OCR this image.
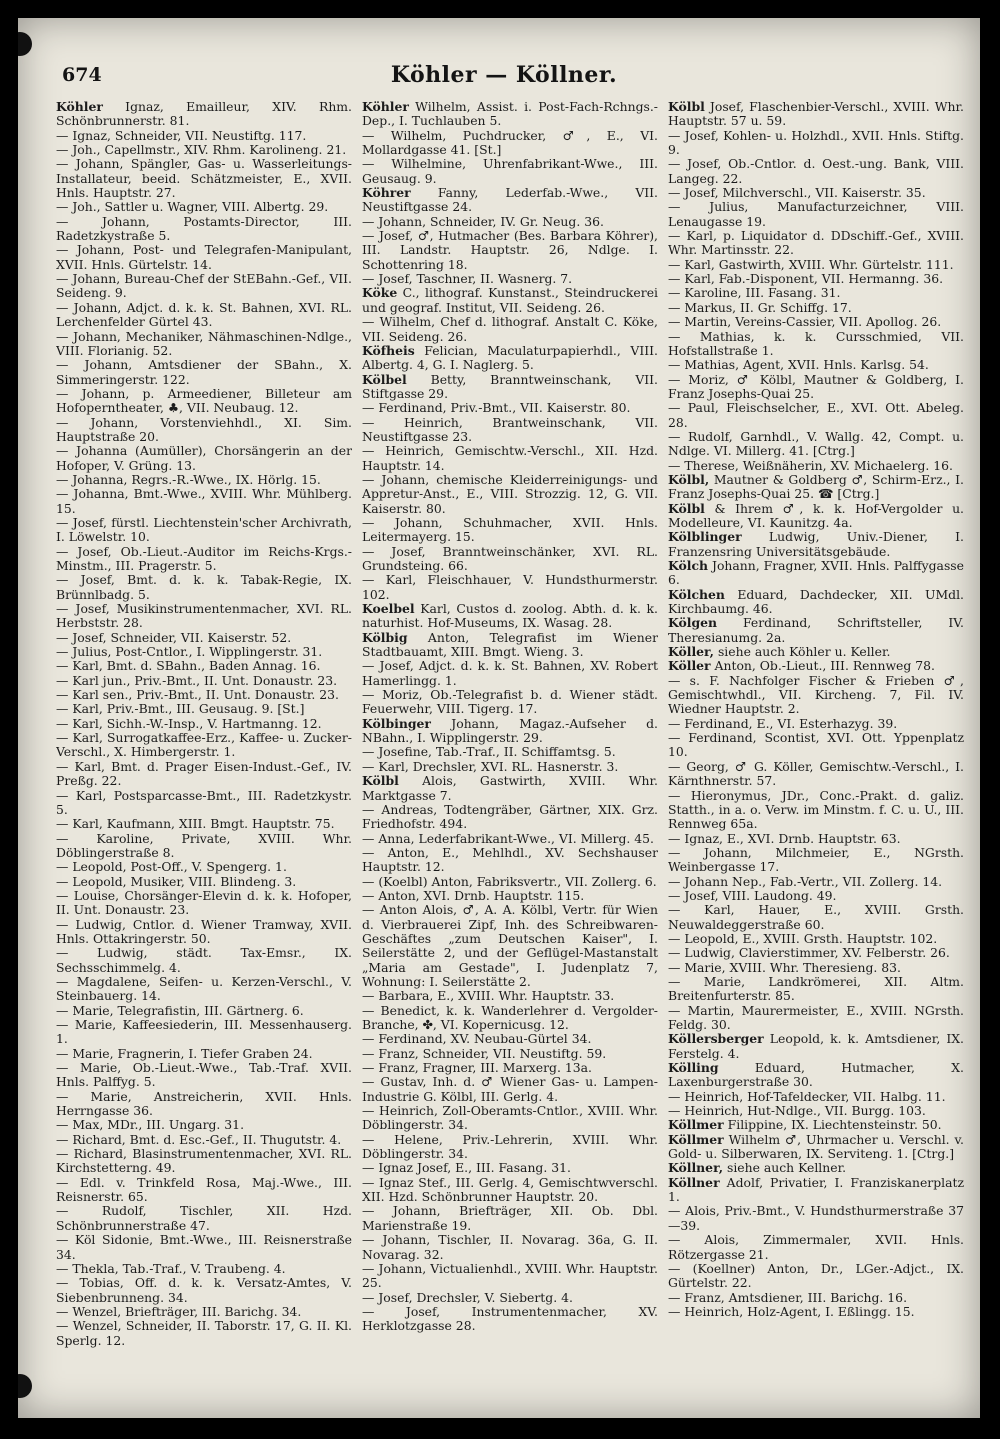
674	Köhler — Köllner.
Köhler Ignaz, Emailleur, XIV. Rhm. Schönbrunnerstr. 81.
— Ignaz, Schneider, VII. Neustiftg. 117.
— Joh., Capellmstr., XIV. Rhm. Karolineng. 21.
— Johann, Spängler, Gas- u. Wasserleitungs-Installateur, beeid. Schätzmeister, E., XVII. Hnls. Hauptstr. 27.
— Joh., Sattler u. Wagner, VIII. Albertg. 29.
— Johann, Postamts-Director, III. Radetzkystraße 5.
— Johann, Post- und Telegrafen-Manipulant, XVII. Hnls. Gürtelstr. 14.
— Johann, Bureau-Chef der StEBahn.-Gef., VII. Seideng. 9.
— Johann, Adjct. d. k. k. St. Bahnen, XVI. RL. Lerchenfelder Gürtel 43.
— Johann, Mechaniker, Nähmaschinen-Ndlge., VIII. Florianig. 52.
— Johann, Amtsdiener der SBahn., X. Simmeringerstr. 122.
— Johann, p. Armeediener, Billeteur am Hofoperntheater, ♣, VII. Neubaug. 12.
— Johann, Vorstenviehhdl., XI. Sim. Hauptstraße 20.
— Johanna (Aumüller), Chorsängerin an der Hofoper, V. Grüng. 13.
— Johanna, Regrs.-R.-Wwe., IX. Hörlg. 15.
— Johanna, Bmt.-Wwe., XVIII. Whr. Mühlberg. 15.
— Josef, fürstl. Liechtenstein'scher Archivrath, I. Löwelstr. 10.
— Josef, Ob.-Lieut.-Auditor im Reichs-Krgs.-Minstm., III. Pragerstr. 5.
— Josef, Bmt. d. k. k. Tabak-Regie, IX. Brünnlbadg. 5.
— Josef, Musikinstrumentenmacher, XVI. RL. Herbststr. 28.
— Josef, Schneider, VII. Kaiserstr. 52.
— Julius, Post-Cntlor., I. Wipplingerstr. 31.
— Karl, Bmt. d. SBahn., Baden Annag. 16.
— Karl jun., Priv.-Bmt., II. Unt. Donaustr. 23.
— Karl sen., Priv.-Bmt., II. Unt. Donaustr. 23.
— Karl, Priv.-Bmt., III. Geusaug. 9. [St.]
— Karl, Sichh.-W.-Insp., V. Hartmanng. 12.
— Karl, Surrogatkaffee-Erz., Kaffee- u. Zucker-Verschl., X. Himbergerstr. 1.
— Karl, Bmt. d. Prager Eisen-Indust.-Gef., IV. Preßg. 22.
— Karl, Postsparcasse-Bmt., III. Radetzkystr. 5.
— Karl, Kaufmann, XIII. Bmgt. Hauptstr. 75.
— Karoline, Private, XVIII. Whr. Döblingerstraße 8.
— Leopold, Post-Off., V. Spengerg. 1.
— Leopold, Musiker, VIII. Blindeng. 3.
— Louise, Chorsänger-Elevin d. k. k. Hofoper, II. Unt. Donaustr. 23.
— Ludwig, Cntlor. d. Wiener Tramway, XVII. Hnls. Ottakringerstr. 50.
— Ludwig, städt. Tax-Emsr., IX. Sechsschimmelg. 4.
— Magdalene, Seifen- u. Kerzen-Verschl., V. Steinbauerg. 14.
— Marie, Telegrafistin, III. Gärtnerg. 6.
— Marie, Kaffeesiederin, III. Messenhauserg. 1.
— Marie, Fragnerin, I. Tiefer Graben 24.
— Marie, Ob.-Lieut.-Wwe., Tab.-Traf. XVII. Hnls. Palffyg. 5.
— Marie, Anstreicherin, XVII. Hnls. Herrngasse 36.
— Max, MDr., III. Ungarg. 31.
— Richard, Bmt. d. Esc.-Gef., II. Thugutstr. 4.
— Richard, Blasinstrumentenmacher, XVI. RL. Kirchstetterng. 49.
— Edl. v. Trinkfeld Rosa, Maj.-Wwe., III. Reisnerstr. 65.
— Rudolf, Tischler, XII. Hzd. Schönbrunnerstraße 47.
— Köl Sidonie, Bmt.-Wwe., III. Reisnerstraße 34.
— Thekla, Tab.-Traf., V. Traubeng. 4.
— Tobias, Off. d. k. k. Versatz-Amtes, V. Siebenbrunneng. 34.
— Wenzel, Briefträger, III. Barichg. 34.
— Wenzel, Schneider, II. Taborstr. 17, G. II. Kl. Sperlg. 12.
Köhler Wilhelm, Assist. i. Post-Fach-Rchngs.-Dep., I. Tuchlauben 5.
— Wilhelm, Puchdrucker, ♂, E., VI. Mollardgasse 41. [St.]
— Wilhelmine, Uhrenfabrikant-Wwe., III. Geusaug. 9.
Köhrer Fanny, Lederfab.-Wwe., VII. Neustiftgasse 24.
— Johann, Schneider, IV. Gr. Neug. 36.
— Josef, ♂, Hutmacher (Bes. Barbara Köhrer), III. Landstr. Hauptstr. 26, Ndlge. I. Schottenring 18.
— Josef, Taschner, II. Wasnerg. 7.
Köke C., lithograf. Kunstanst., Steindruckerei und geograf. Institut, VII. Seideng. 26.
— Wilhelm, Chef d. lithograf. Anstalt C. Köke, VII. Seideng. 26.
Köfheis Felician, Maculaturpapierhdl., VIII. Albertg. 4, G. I. Naglerg. 5.
Kölbel Betty, Branntweinschank, VII. Stiftgasse 29.
— Ferdinand, Priv.-Bmt., VII. Kaiserstr. 80.
— Heinrich, Brantweinschank, VII. Neustiftgasse 23.
— Heinrich, Gemischtw.-Verschl., XII. Hzd. Hauptstr. 14.
— Johann, chemische Kleiderreinigungs- und Appretur-Anst., E., VIII. Strozzig. 12, G. VII. Kaiserstr. 80.
— Johann, Schuhmacher, XVII. Hnls. Leitermayerg. 15.
— Josef, Branntweinschänker, XVI. RL. Grundsteing. 66.
— Karl, Fleischhauer, V. Hundsthurmerstr. 102.
Koelbel Karl, Custos d. zoolog. Abth. d. k. k. naturhist. Hof-Museums, IX. Wasag. 28.
Kölbig Anton, Telegrafist im Wiener Stadtbauamt, XIII. Bmgt. Wieng. 3.
— Josef, Adjct. d. k. k. St. Bahnen, XV. Robert Hamerlingg. 1.
— Moriz, Ob.-Telegrafist b. d. Wiener städt. Feuerwehr, VIII. Tigerg. 17.
Kölbinger Johann, Magaz.-Aufseher d. NBahn., I. Wipplingerstr. 29.
— Josefine, Tab.-Traf., II. Schiffamtsg. 5.
— Karl, Drechsler, XVI. RL. Hasnerstr. 3.
Kölbl Alois, Gastwirth, XVIII. Whr. Marktgasse 7.
— Andreas, Todtengräber, Gärtner, XIX. Grz. Friedhofstr. 494.
— Anna, Lederfabrikant-Wwe., VI. Millerg. 45.
— Anton, E., Mehlhdl., XV. Sechshauser Hauptstr. 12.
— (Koelbl) Anton, Fabriksvertr., VII. Zollerg. 6.
— Anton, XVI. Drnb. Hauptstr. 115.
— Anton Alois, ♂, A. A. Kölbl, Vertr. für Wien d. Vierbrauerei Zipf, Inh. des Schreibwaren-Geschäftes „zum Deutschen Kaiser", I. Seilerstätte 2, und der Geflügel-Mastanstalt „Maria am Gestade", I. Judenplatz 7, Wohnung: I. Seilerstätte 2.
— Barbara, E., XVIII. Whr. Hauptstr. 33.
— Benedict, k. k. Wanderlehrer d. Vergolder-Branche, ✤, VI. Kopernicusg. 12.
— Ferdinand, XV. Neubau-Gürtel 34.
— Franz, Schneider, VII. Neustiftg. 59.
— Franz, Fragner, III. Marxerg. 13a.
— Gustav, Inh. d. ♂ Wiener Gas- u. Lampen-Industrie G. Kölbl, III. Gerlg. 4.
— Heinrich, Zoll-Oberamts-Cntlor., XVIII. Whr. Döblingerstr. 34.
— Helene, Priv.-Lehrerin, XVIII. Whr. Döblingerstr. 34.
— Ignaz Josef, E., III. Fasang. 31.
— Ignaz Stef., III. Gerlg. 4, Gemischtwverschl. XII. Hzd. Schönbrunner Hauptstr. 20.
— Johann, Briefträger, XII. Ob. Dbl. Marienstraße 19.
— Johann, Tischler, II. Novarag. 36a, G. II. Novarag. 32.
— Johann, Victualienhdl., XVIII. Whr. Hauptstr. 25.
— Josef, Drechsler, V. Siebertg. 4.
— Josef, Instrumentenmacher, XV. Herklotzgasse 28.
Kölbl Josef, Flaschenbier-Verschl., XVIII. Whr. Hauptstr. 57 u. 59.
— Josef, Kohlen- u. Holzhdl., XVII. Hnls. Stiftg. 9.
— Josef, Ob.-Cntlor. d. Oest.-ung. Bank, VIII. Langeg. 22.
— Josef, Milchverschl., VII. Kaiserstr. 35.
— Julius, Manufacturzeichner, VIII. Lenaugasse 19.
— Karl, p. Liquidator d. DDschiff.-Gef., XVIII. Whr. Martinsstr. 22.
— Karl, Gastwirth, XVIII. Whr. Gürtelstr. 111.
— Karl, Fab.-Disponent, VII. Hermanng. 36.
— Karoline, III. Fasang. 31.
— Markus, II. Gr. Schiffg. 17.
— Martin, Vereins-Cassier, VII. Apollog. 26.
— Mathias, k. k. Cursschmied, VII. Hofstallstraße 1.
— Mathias, Agent, XVII. Hnls. Karlsg. 54.
— Moriz, ♂ Kölbl, Mautner & Goldberg, I. Franz Josephs-Quai 25.
— Paul, Fleischselcher, E., XVI. Ott. Abeleg. 28.
— Rudolf, Garnhdl., V. Wallg. 42, Compt. u. Ndlge. VI. Millerg. 41. [Ctrg.]
— Therese, Weißnäherin, XV. Michaelerg. 16.
Kölbl, Mautner & Goldberg ♂, Schirm-Erz., I. Franz Josephs-Quai 25. ☎ [Ctrg.]
Kölbl & Ihrem ♂, k. k. Hof-Vergolder u. Modelleure, VI. Kaunitzg. 4a.
Kölblinger Ludwig, Univ.-Diener, I. Franzensring Universitätsgebäude.
Kölch Johann, Fragner, XVII. Hnls. Palffygasse 6.
Kölchen Eduard, Dachdecker, XII. UMdl. Kirchbaumg. 46.
Kölgen Ferdinand, Schriftsteller, IV. Theresianumg. 2a.
Köller, siehe auch Köhler u. Keller.
Köller Anton, Ob.-Lieut., III. Rennweg 78.
— s. F. Nachfolger Fischer & Frieben ♂, Gemischtwhdl., VII. Kircheng. 7, Fil. IV. Wiedner Hauptstr. 2.
— Ferdinand, E., VI. Esterhazyg. 39.
— Ferdinand, Scontist, XVI. Ott. Yppenplatz 10.
— Georg, ♂ G. Köller, Gemischtw.-Verschl., I. Kärnthnerstr. 57.
— Hieronymus, JDr., Conc.-Prakt. d. galiz. Statth., in a. o. Verw. im Minstm. f. C. u. U., III. Rennweg 65a.
— Ignaz, E., XVI. Drnb. Hauptstr. 63.
— Johann, Milchmeier, E., NGrsth. Weinbergasse 17.
— Johann Nep., Fab.-Vertr., VII. Zollerg. 14.
— Josef, VIII. Laudong. 49.
— Karl, Hauer, E., XVIII. Grsth. Neuwaldeggerstraße 60.
— Leopold, E., XVIII. Grsth. Hauptstr. 102.
— Ludwig, Clavierstimmer, XV. Felberstr. 26.
— Marie, XVIII. Whr. Theresieng. 83.
— Marie, Landkrömerei, XII. Altm. Breitenfurterstr. 85.
— Martin, Maurermeister, E., XVIII. NGrsth. Feldg. 30.
Köllersberger Leopold, k. k. Amtsdiener, IX. Ferstelg. 4.
Kölling Eduard, Hutmacher, X. Laxenburgerstraße 30.
— Heinrich, Hof-Tafeldecker, VII. Halbg. 11.
— Heinrich, Hut-Ndlge., VII. Burgg. 103.
Köllmer Filippine, IX. Liechtensteinstr. 50.
Köllmer Wilhelm ♂, Uhrmacher u. Verschl. v. Gold- u. Silberwaren, IX. Serviteng. 1. [Ctrg.]
Köllner, siehe auch Kellner.
Köllner Adolf, Privatier, I. Franziskanerplatz 1.
— Alois, Priv.-Bmt., V. Hundsthurmerstraße 37—39.
— Alois, Zimmermaler, XVII. Hnls. Rötzergasse 21.
— (Koellner) Anton, Dr., LGer.-Adjct., IX. Gürtelstr. 22.
— Franz, Amtsdiener, III. Barichg. 16.
— Heinrich, Holz-Agent, I. Eßlingg. 15.
